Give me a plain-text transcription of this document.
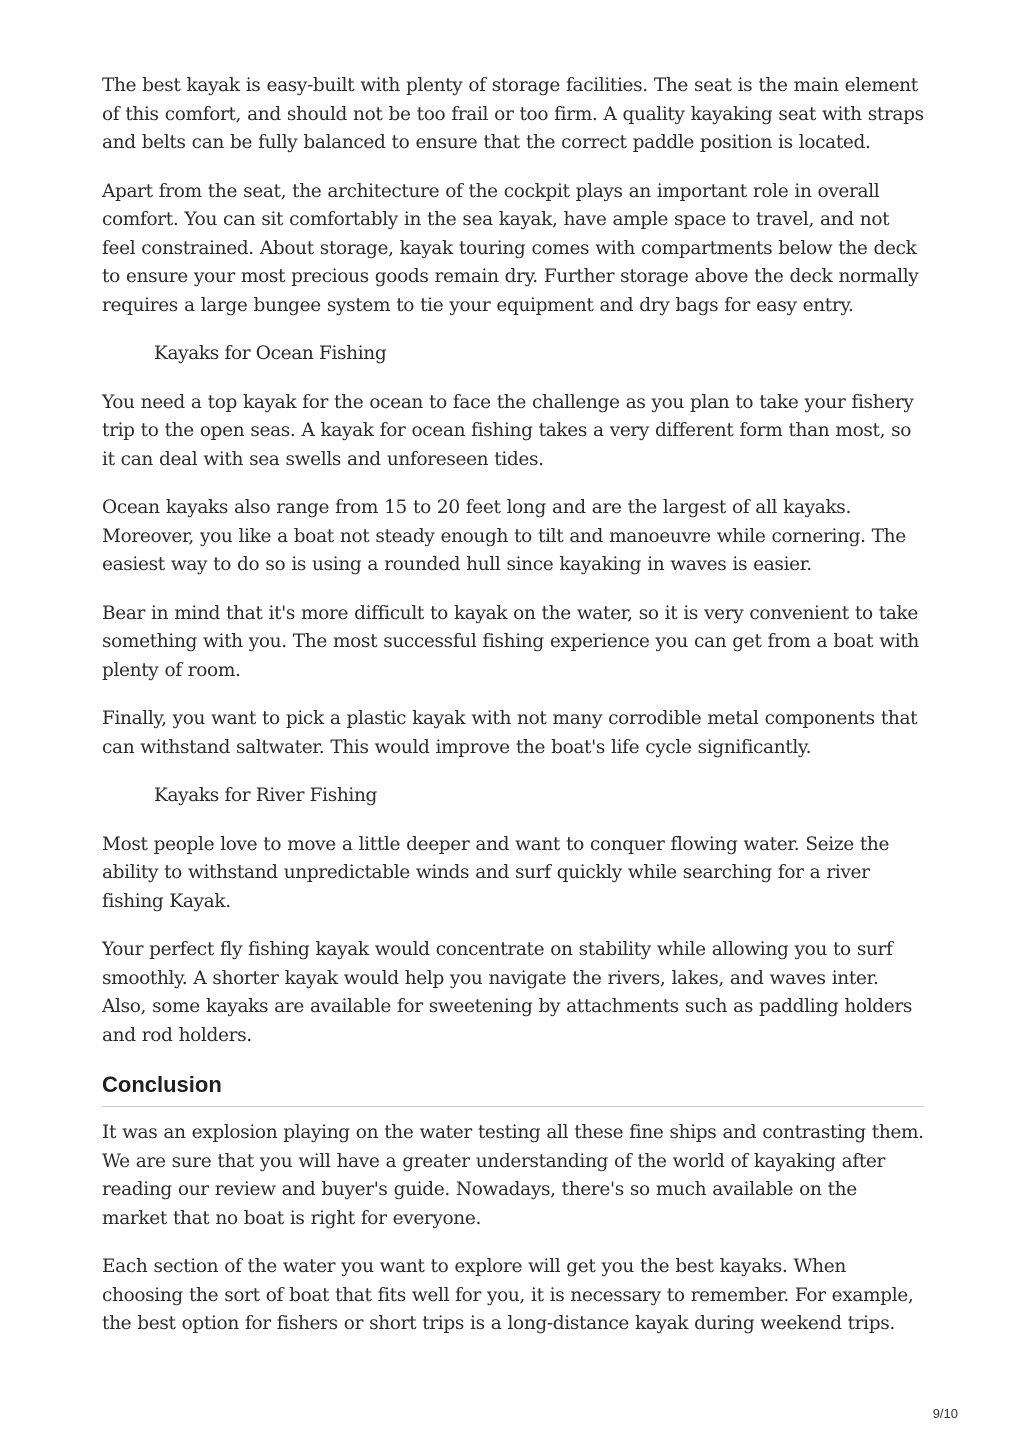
The best kayak is easy-built with plenty of storage facilities. The seat is the main element of this comfort, and should not be too frail or too firm. A quality kayaking seat with straps and belts can be fully balanced to ensure that the correct paddle position is located.

Apart from the seat, the architecture of the cockpit plays an important role in overall comfort. You can sit comfortably in the sea kayak, have ample space to travel, and not feel constrained. About storage, kayak touring comes with compartments below the deck to ensure your most precious goods remain dry. Further storage above the deck normally requires a large bungee system to tie your equipment and dry bags for easy entry.

Kayaks for Ocean Fishing

You need a top kayak for the ocean to face the challenge as you plan to take your fishery trip to the open seas. A kayak for ocean fishing takes a very different form than most, so it can deal with sea swells and unforeseen tides.

Ocean kayaks also range from 15 to 20 feet long and are the largest of all kayaks. Moreover, you like a boat not steady enough to tilt and manoeuvre while cornering. The easiest way to do so is using a rounded hull since kayaking in waves is easier.

Bear in mind that it's more difficult to kayak on the water, so it is very convenient to take something with you. The most successful fishing experience you can get from a boat with plenty of room.

Finally, you want to pick a plastic kayak with not many corrodible metal components that can withstand saltwater. This would improve the boat's life cycle significantly.

Kayaks for River Fishing

Most people love to move a little deeper and want to conquer flowing water. Seize the ability to withstand unpredictable winds and surf quickly while searching for a river fishing Kayak.

Your perfect fly fishing kayak would concentrate on stability while allowing you to surf smoothly. A shorter kayak would help you navigate the rivers, lakes, and waves inter. Also, some kayaks are available for sweetening by attachments such as paddling holders and rod holders.

Conclusion

It was an explosion playing on the water testing all these fine ships and contrasting them. We are sure that you will have a greater understanding of the world of kayaking after reading our review and buyer's guide. Nowadays, there's so much available on the market that no boat is right for everyone.

Each section of the water you want to explore will get you the best kayaks. When choosing the sort of boat that fits well for you, it is necessary to remember. For example, the best option for fishers or short trips is a long-distance kayak during weekend trips.

9/10
